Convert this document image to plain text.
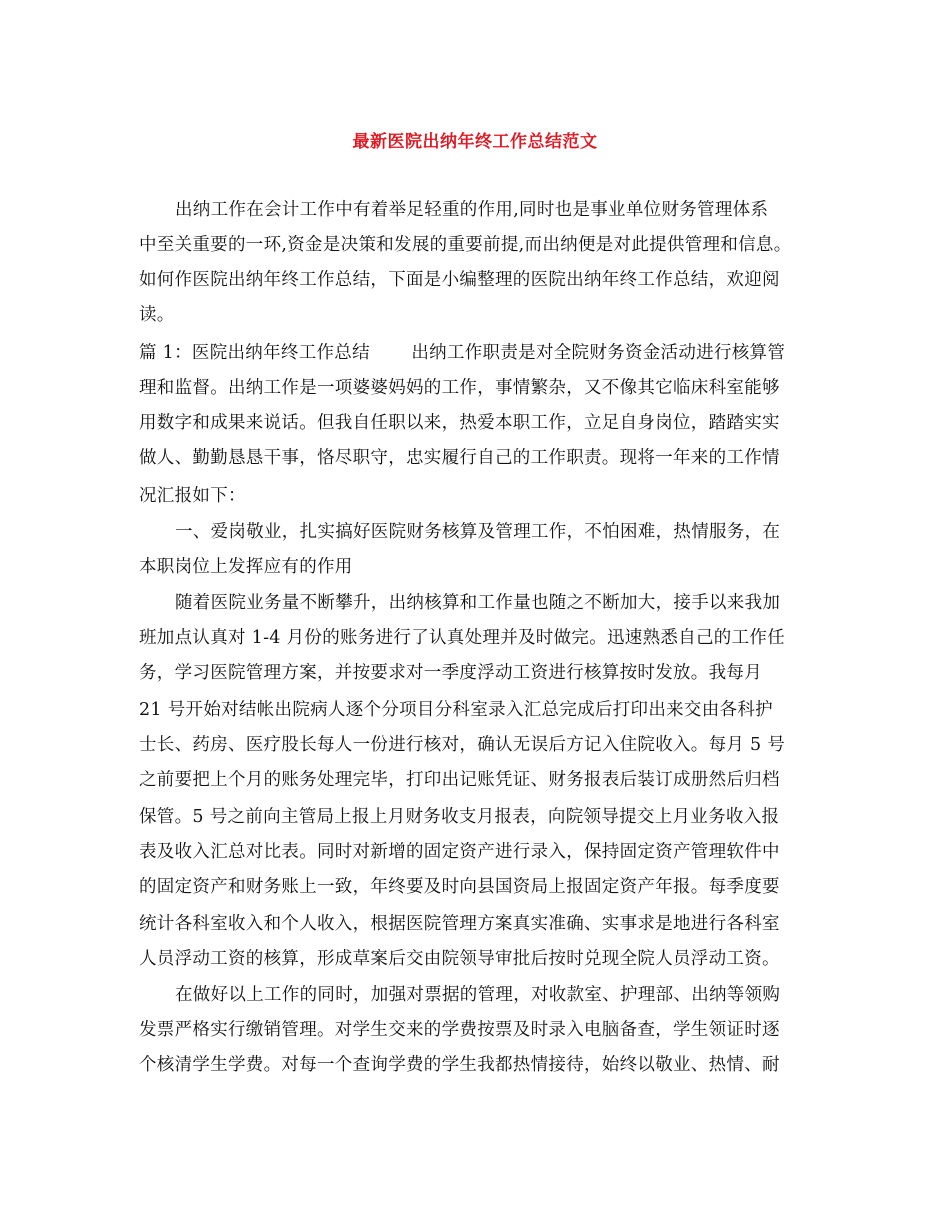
最新医院出纳年终工作总结范文
出纳工作在会计工作中有着举足轻重的作用,同时也是事业单位财务管理体系
中至关重要的一环,资金是决策和发展的重要前提,而出纳便是对此提供管理和信息。
如何作医院出纳年终工作总结，下面是小编整理的医院出纳年终工作总结，欢迎阅
读。
篇 1：医院出纳年终工作总结　　 出纳工作职责是对全院财务资金活动进行核算管
理和监督。出纳工作是一项婆婆妈妈的工作，事情繁杂，又不像其它临床科室能够
用数字和成果来说话。但我自任职以来，热爱本职工作，立足自身岗位，踏踏实实
做人、勤勤恳恳干事，恪尽职守，忠实履行自己的工作职责。现将一年来的工作情
况汇报如下：
一、爱岗敬业，扎实搞好医院财务核算及管理工作，不怕困难，热情服务，在
本职岗位上发挥应有的作用
随着医院业务量不断攀升，出纳核算和工作量也随之不断加大，接手以来我加
班加点认真对 1-4 月份的账务进行了认真处理并及时做完。迅速熟悉自己的工作任
务，学习医院管理方案，并按要求对一季度浮动工资进行核算按时发放。我每月
21 号开始对结帐出院病人逐个分项目分科室录入汇总完成后打印出来交由各科护
士长、药房、医疗股长每人一份进行核对，确认无误后方记入住院收入。每月 5 号
之前要把上个月的账务处理完毕，打印出记账凭证、财务报表后装订成册然后归档
保管。5 号之前向主管局上报上月财务收支月报表，向院领导提交上月业务收入报
表及收入汇总对比表。同时对新增的固定资产进行录入，保持固定资产管理软件中
的固定资产和财务账上一致，年终要及时向县国资局上报固定资产年报。每季度要
统计各科室收入和个人收入，根据医院管理方案真实准确、实事求是地进行各科室
人员浮动工资的核算，形成草案后交由院领导审批后按时兑现全院人员浮动工资。
在做好以上工作的同时，加强对票据的管理，对收款室、护理部、出纳等领购
发票严格实行缴销管理。对学生交来的学费按票及时录入电脑备查，学生领证时逐
个核清学生学费。对每一个查询学费的学生我都热情接待，始终以敬业、热情、耐
